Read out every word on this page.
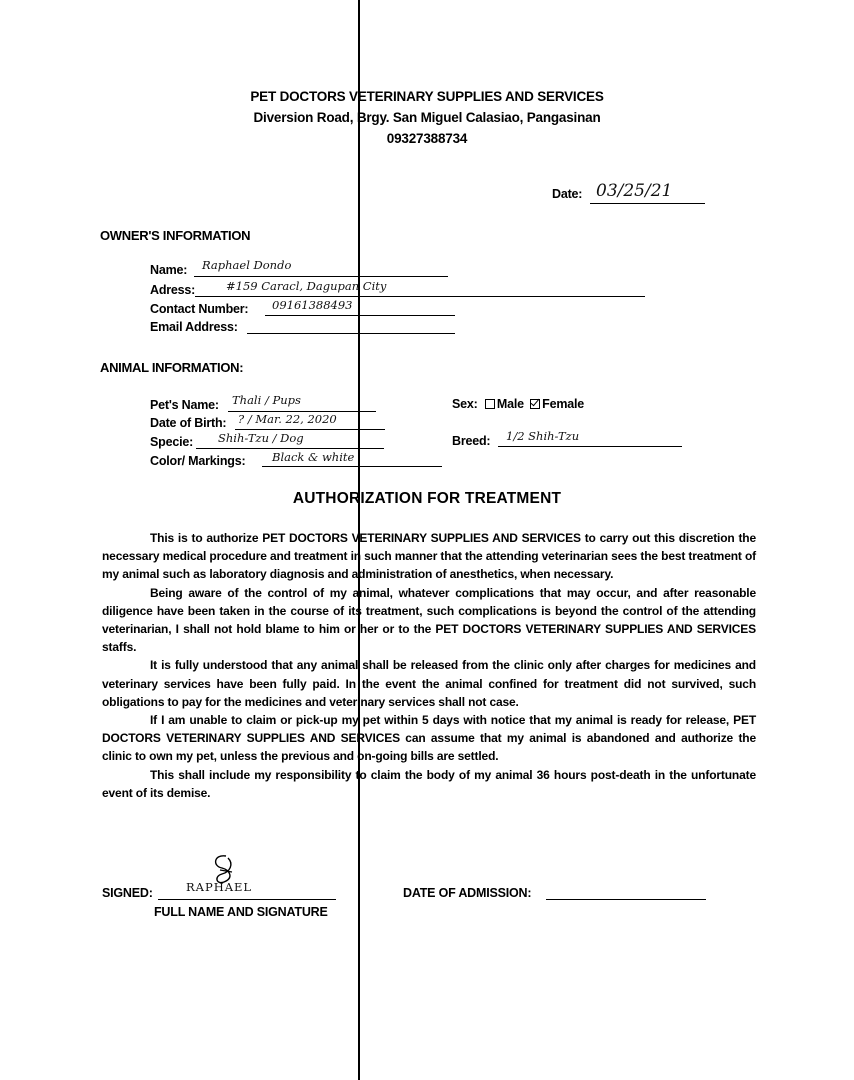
PET DOCTORS VETERINARY SUPPLIES AND SERVICES
Diversion Road, Brgy. San Miguel Calasiao, Pangasinan
09327388734
Date: 03/25/21
OWNER'S INFORMATION
Name: Raphael Dondo
Adress:	#159 Caracl, Dagupan City
Contact Number: 09161388493
Email Address:
ANIMAL INFORMATION:
Pet's Name: Thali / Pups
Date of Birth: ? / Mar. 22, 2020
Specie: Shih-Tzu / Dog
Color/ Markings: Black & white
Sex: Male Female
Breed: 1/2 Shih-Tzu
AUTHORIZATION FOR TREATMENT

This is to authorize PET DOCTORS VETERINARY SUPPLIES AND SERVICES to carry out this discretion the necessary medical procedure and treatment in such manner that the attending veterinarian sees the best treatment of my animal such as laboratory diagnosis and administration of anesthetics, when necessary.

Being aware of the control of my animal, whatever complications that may occur, and after reasonable diligence have been taken in the course of its treatment, such complications is beyond the control of the attending veterinarian, I shall not hold blame to him or her or to the PET DOCTORS VETERINARY SUPPLIES AND SERVICES staffs.

It is fully understood that any animal shall be released from the clinic only after charges for medicines and veterinary services have been fully paid. In the event the animal confined for treatment did not survived, such obligations to pay for the medicines and veterinary services shall not case.

If I am unable to claim or pick-up my pet within 5 days with notice that my animal is ready for release, PET DOCTORS VETERINARY SUPPLIES AND SERVICES can assume that my animal is abandoned and authorize the clinic to own my pet, unless the previous and on-going bills are settled.

This shall include my responsibility to claim the body of my animal 36 hours post-death in the unfortunate event of its demise.

SIGNED:	RAPHAEL
FULL NAME AND SIGNATURE
DATE OF ADMISSION:
